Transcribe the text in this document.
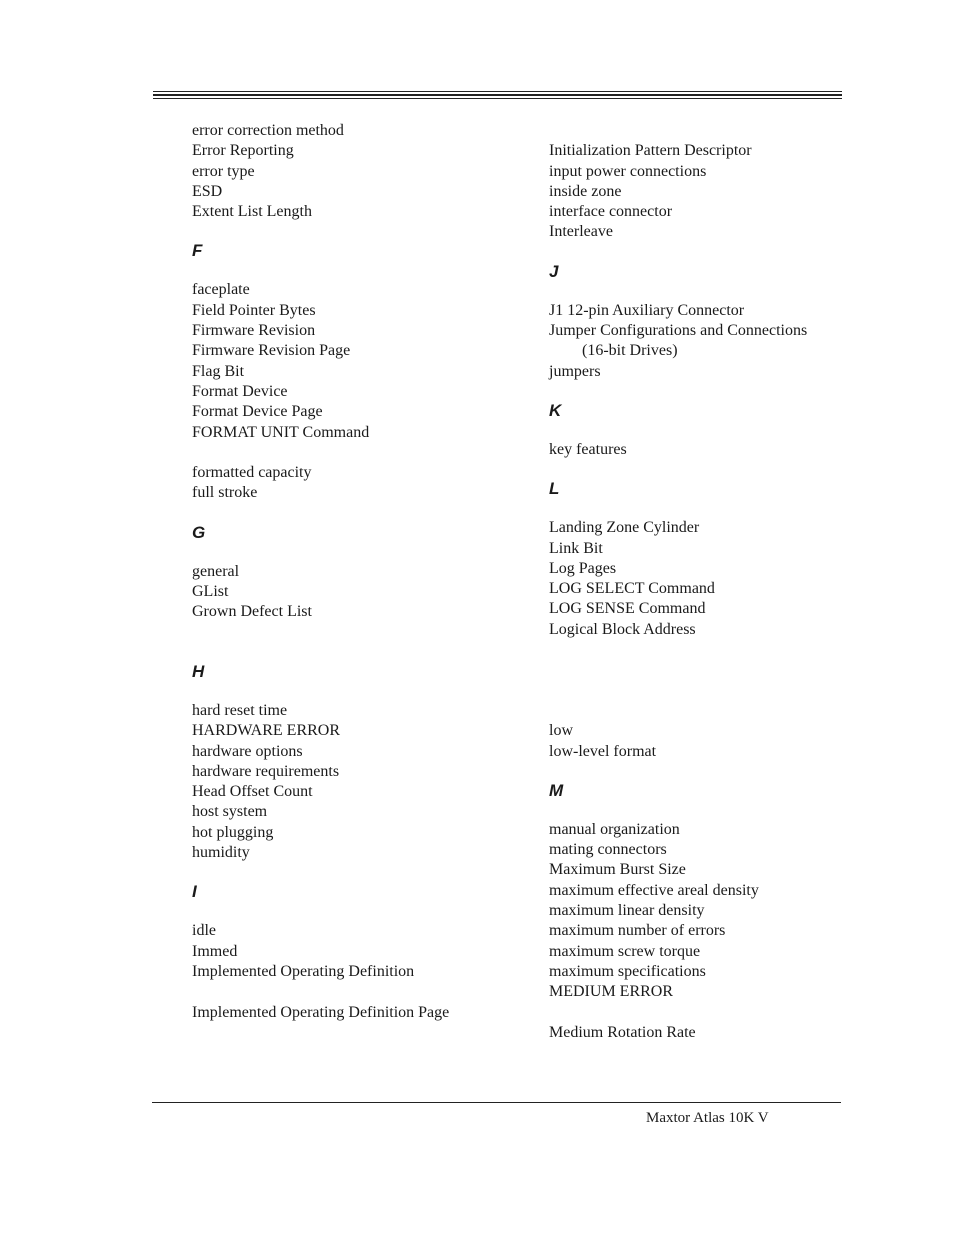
error correction method
Error Reporting
error type
ESD
Extent List Length
F
faceplate
Field Pointer Bytes
Firmware Revision
Firmware Revision Page
Flag Bit
Format Device
Format Device Page
FORMAT UNIT Command
formatted capacity
full stroke
G
general
GList
Grown Defect List
H
hard reset time
HARDWARE ERROR
hardware options
hardware requirements
Head Offset Count
host system
hot plugging
humidity
I
idle
Immed
Implemented Operating Definition
Implemented Operating Definition Page
Initialization Pattern Descriptor
input power connections
inside zone
interface connector
Interleave
J
J1 12-pin Auxiliary Connector
Jumper Configurations and Connections
(16-bit Drives)
jumpers
K
key features
L
Landing Zone Cylinder
Link Bit
Log Pages
LOG SELECT Command
LOG SENSE Command
Logical Block Address
low
low-level format
M
manual organization
mating connectors
Maximum Burst Size
maximum effective areal density
maximum linear density
maximum number of errors
maximum screw torque
maximum specifications
MEDIUM ERROR
Medium Rotation Rate
Maxtor Atlas 10K V
